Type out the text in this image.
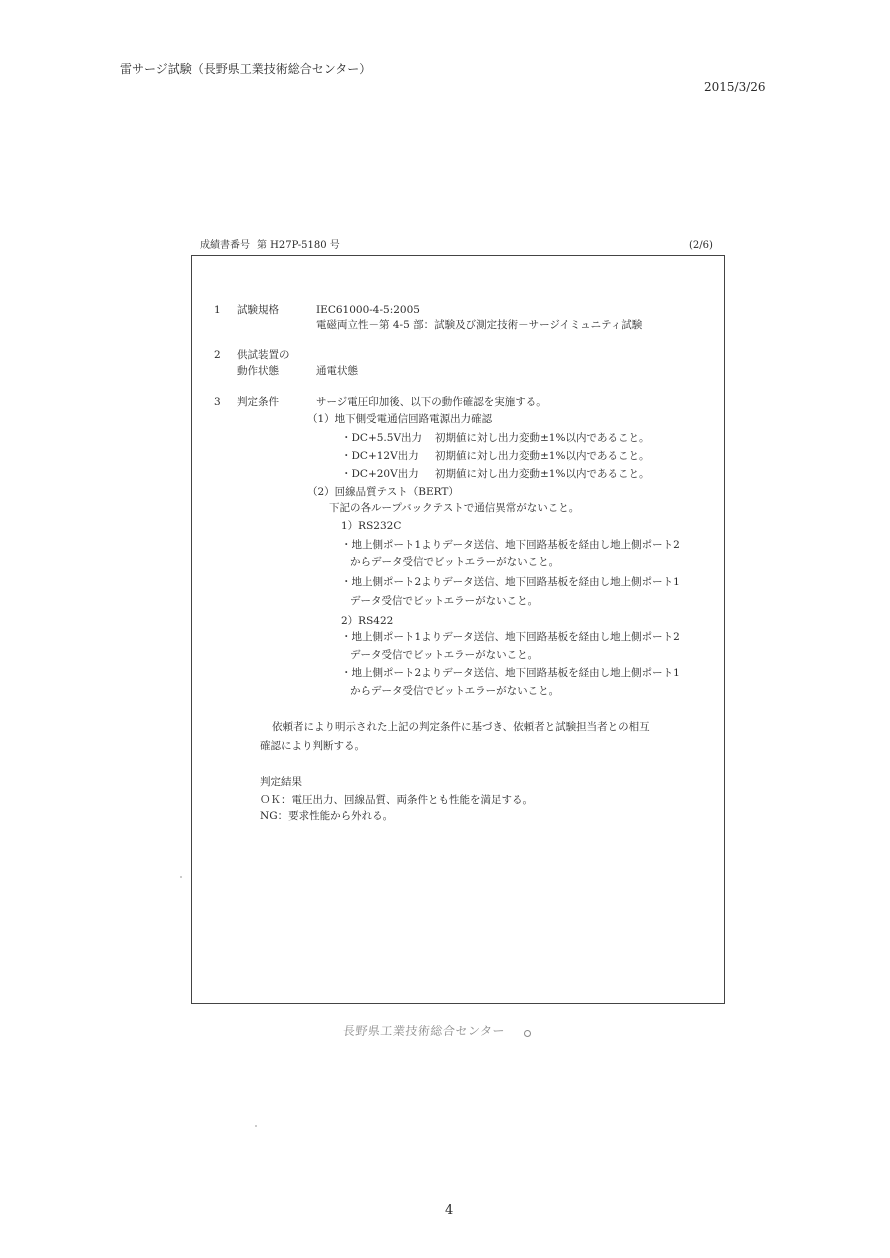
雷サージ試験（長野県工業技術総合センター）
2015/3/26
成績書番号 第 H27P-5180 号	(2/6)
1 試験規格	IEC61000-4-5:2005
電磁両立性－第 4-5 部：試験及び測定技術－サージイミュニティ試験
2 供試装置の
動作状態	通電状態
3 判定条件	サージ電圧印加後、以下の動作確認を実施する。
（1）地下側受電通信回路電源出力確認
・DC+5.5V出力 初期値に対し出力変動±1%以内であること。
・DC+12V出力 初期値に対し出力変動±1%以内であること。
・DC+20V出力 初期値に対し出力変動±1%以内であること。
（2）回線品質テスト（BERT）
下記の各ループバックテストで通信異常がないこと。
1）RS232C
・地上側ポート1よりデータ送信、地下回路基板を経由し地上側ポート2
からデータ受信でビットエラーがないこと。
・地上側ポート2よりデータ送信、地下回路基板を経由し地上側ポート1
データ受信でビットエラーがないこと。
2）RS422
・地上側ポート1よりデータ送信、地下回路基板を経由し地上側ポート2
データ受信でビットエラーがないこと。
・地上側ポート2よりデータ送信、地下回路基板を経由し地上側ポート1
からデータ受信でビットエラーがないこと。
依頼者により明示された上記の判定条件に基づき、依頼者と試験担当者との相互
確認により判断する。
判定結果
ＯＫ：電圧出力、回線品質、両条件とも性能を満足する。
NG：要求性能から外れる。
長野県工業技術総合センター
4
